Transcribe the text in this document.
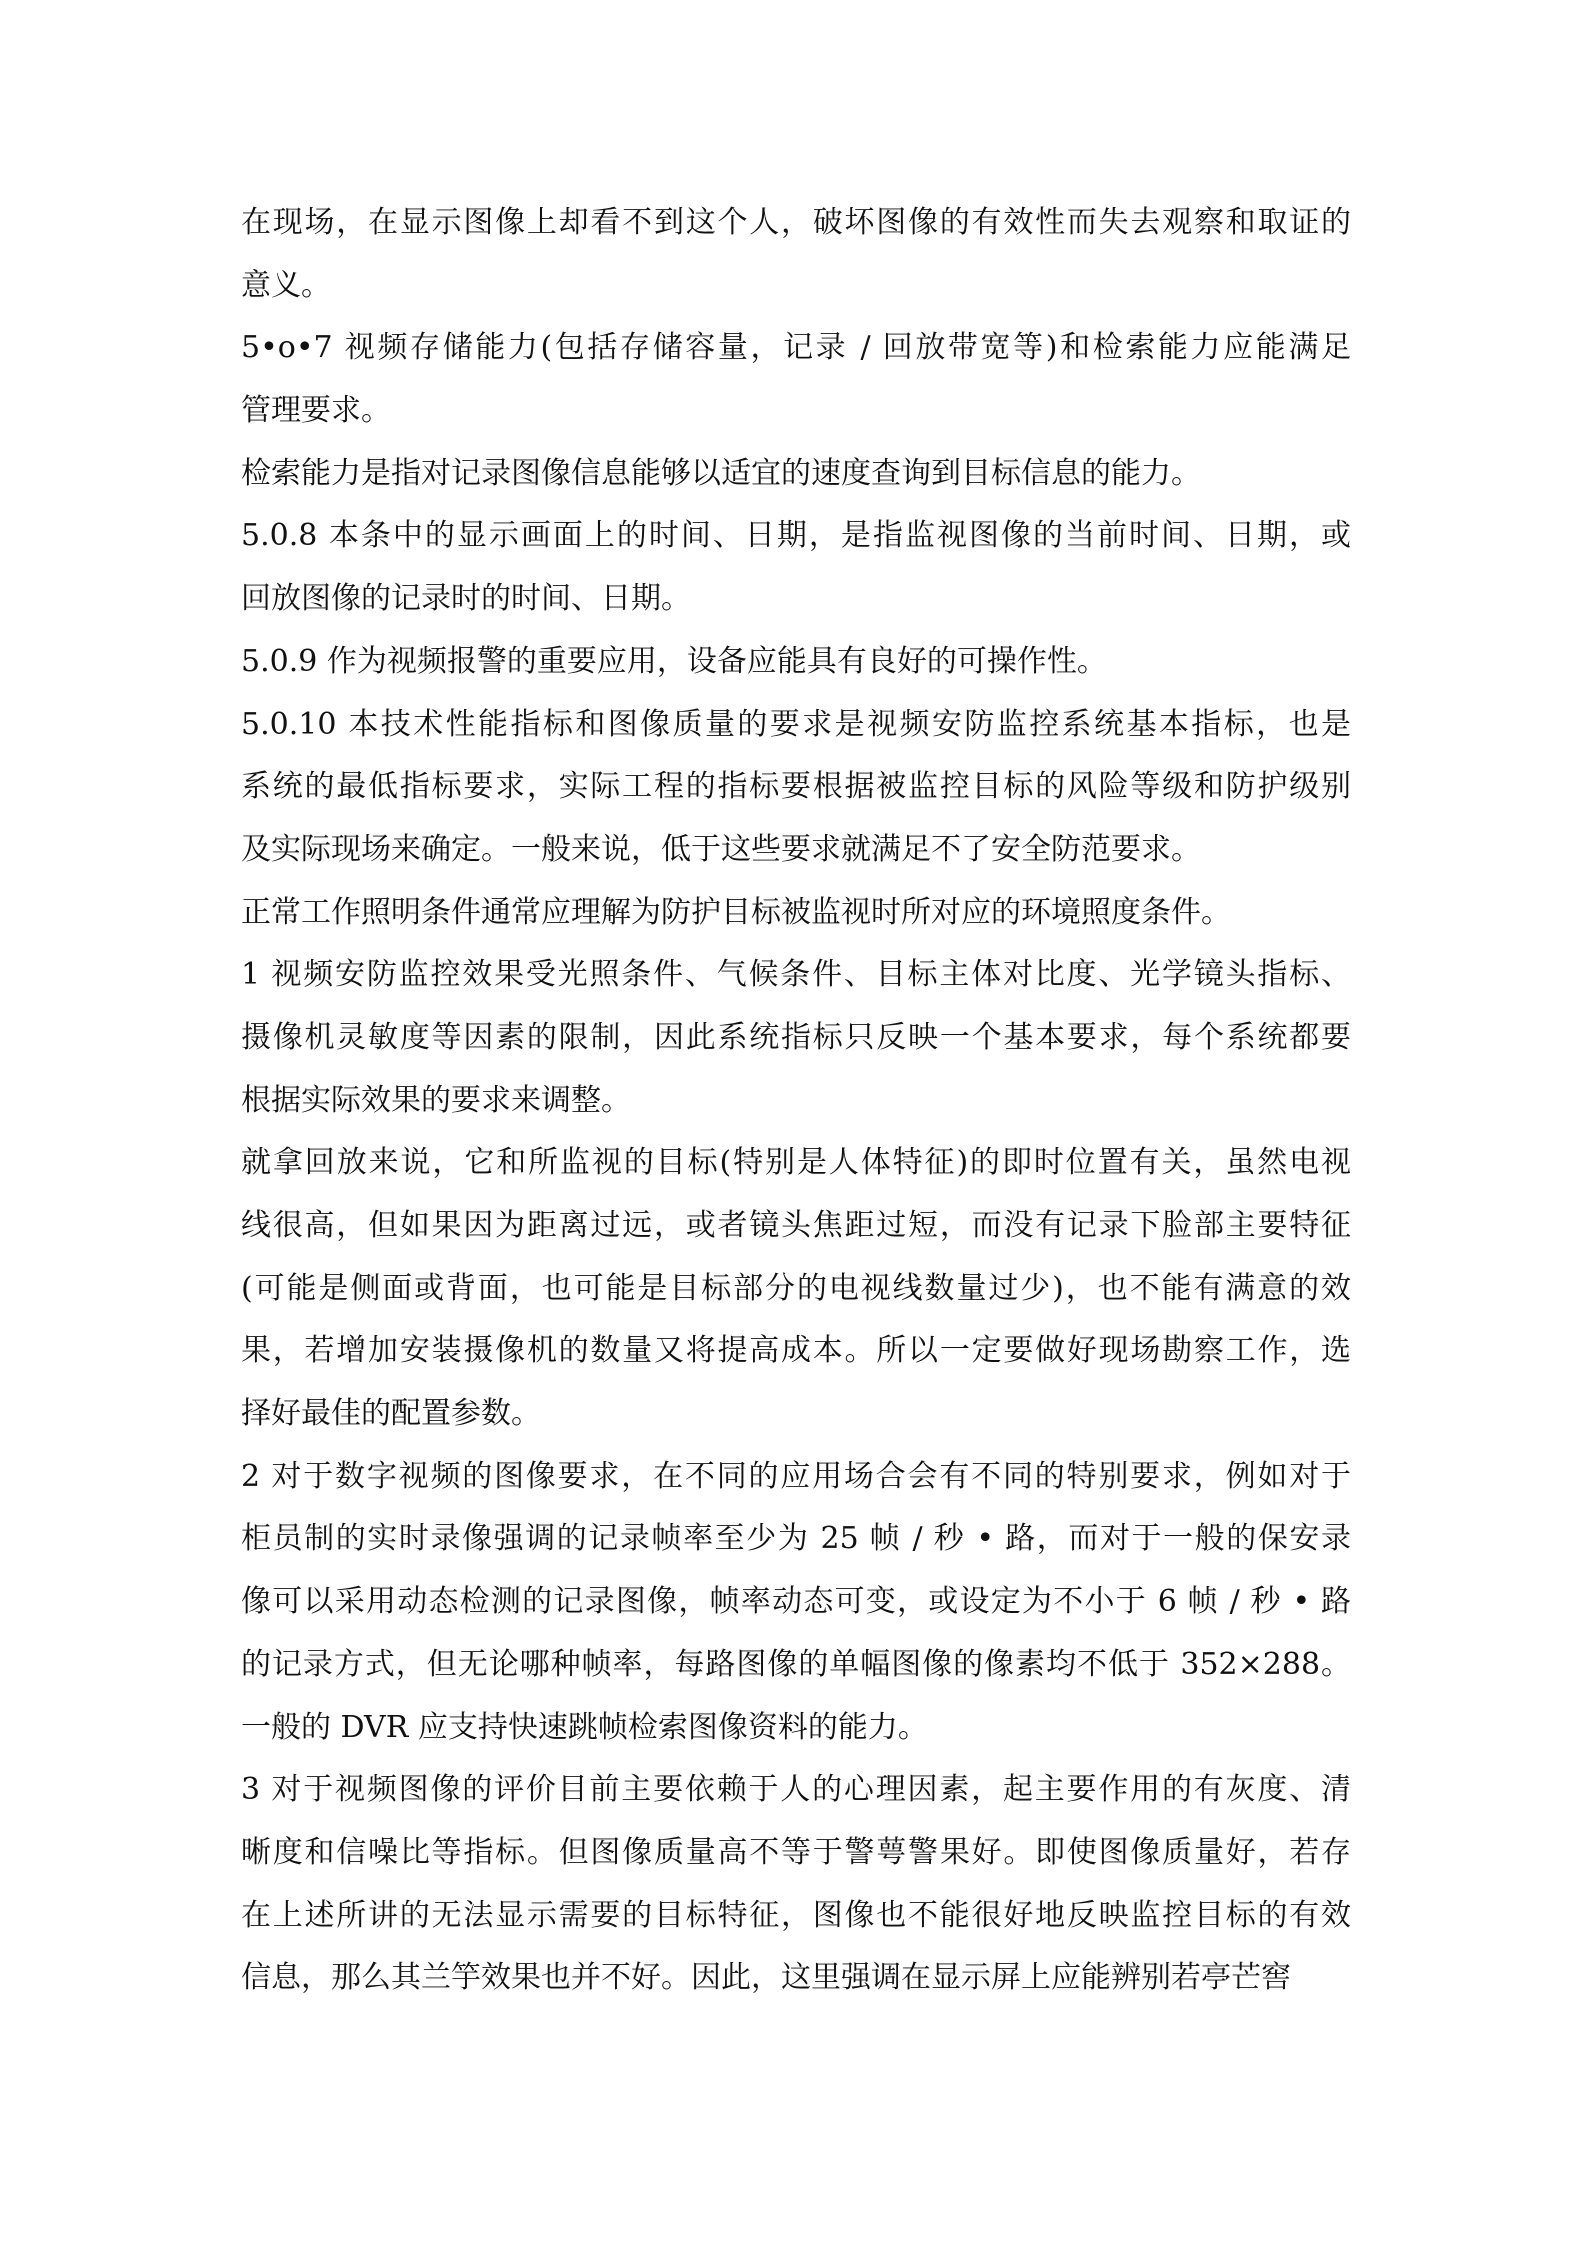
在现场，在显示图像上却看不到这个人，破坏图像的有效性而失去观察和取证的
意义。
5•o•7 视频存储能力(包括存储容量，记录 / 回放带宽等)和检索能力应能满足
管理要求。
检索能力是指对记录图像信息能够以适宜的速度查询到目标信息的能力。
5.0.8 本条中的显示画面上的时间、日期，是指监视图像的当前时间、日期，或
回放图像的记录时的时间、日期。
5.0.9 作为视频报警的重要应用，设备应能具有良好的可操作性。
5.0.10 本技术性能指标和图像质量的要求是视频安防监控系统基本指标，也是
系统的最低指标要求，实际工程的指标要根据被监控目标的风险等级和防护级别
及实际现场来确定。一般来说，低于这些要求就满足不了安全防范要求。
正常工作照明条件通常应理解为防护目标被监视时所对应的环境照度条件。
1 视频安防监控效果受光照条件、气候条件、目标主体对比度、光学镜头指标、
摄像机灵敏度等因素的限制，因此系统指标只反映一个基本要求，每个系统都要
根据实际效果的要求来调整。
就拿回放来说，它和所监视的目标(特别是人体特征)的即时位置有关，虽然电视
线很高，但如果因为距离过远，或者镜头焦距过短，而没有记录下脸部主要特征
(可能是侧面或背面，也可能是目标部分的电视线数量过少)，也不能有满意的效
果，若增加安装摄像机的数量又将提高成本。所以一定要做好现场勘察工作，选
择好最佳的配置参数。
2 对于数字视频的图像要求，在不同的应用场合会有不同的特别要求，例如对于
柜员制的实时录像强调的记录帧率至少为 25 帧 / 秒 • 路，而对于一般的保安录
像可以采用动态检测的记录图像，帧率动态可变，或设定为不小于 6 帧 / 秒 • 路
的记录方式，但无论哪种帧率，每路图像的单幅图像的像素均不低于 352×288。
一般的 DVR 应支持快速跳帧检索图像资料的能力。
3 对于视频图像的评价目前主要依赖于人的心理因素，起主要作用的有灰度、清
晰度和信噪比等指标。但图像质量高不等于警萼警果好。即使图像质量好，若存
在上述所讲的无法显示需要的目标特征，图像也不能很好地反映监控目标的有效
信息，那么其兰竽效果也并不好。因此，这里强调在显示屏上应能辨别若亭芒窖
